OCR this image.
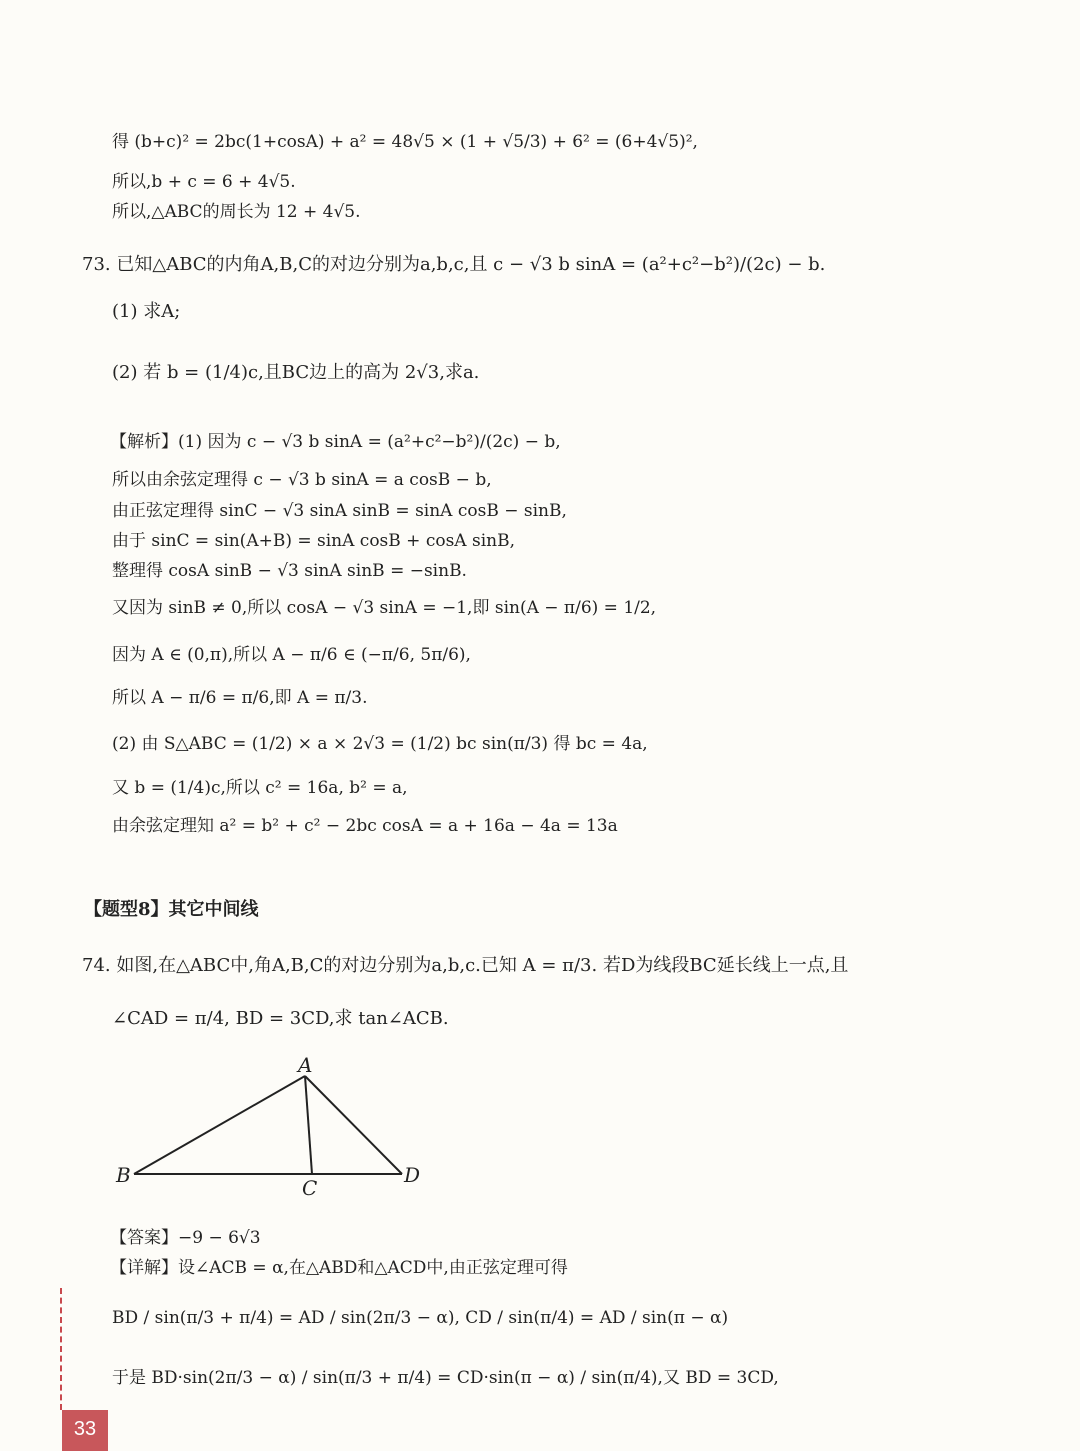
得 (b+c)² = 2bc(1+cosA) + a² = 48√5 × (1 + √5/3) + 6² = (6+4√5)²,
所以,b + c = 6 + 4√5.
所以,△ABC的周长为 12 + 4√5.
73. 已知△ABC的内角A,B,C的对边分别为a,b,c,且 c − √3 b sinA = (a²+c²−b²)/(2c) − b.
(1) 求A;
(2) 若 b = (1/4)c,且BC边上的高为 2√3,求a.
【解析】(1) 因为 c − √3 b sinA = (a²+c²−b²)/(2c) − b,
所以由余弦定理得 c − √3 b sinA = a cosB − b,
由正弦定理得 sinC − √3 sinA sinB = sinA cosB − sinB,
由于 sinC = sin(A+B) = sinA cosB + cosA sinB,
整理得 cosA sinB − √3 sinA sinB = −sinB.
又因为 sinB ≠ 0,所以 cosA − √3 sinA = −1,即 sin(A − π/6) = 1/2,
因为 A ∈ (0,π),所以 A − π/6 ∈ (−π/6, 5π/6),
所以 A − π/6 = π/6,即 A = π/3.
(2) 由 S△ABC = (1/2) × a × 2√3 = (1/2) bc sin(π/3) 得 bc = 4a,
又 b = (1/4)c,所以 c² = 16a, b² = a,
由余弦定理知 a² = b² + c² − 2bc cosA = a + 16a − 4a = 13a
【题型8】其它中间线
74. 如图,在△ABC中,角A,B,C的对边分别为a,b,c.已知 A = π/3. 若D为线段BC延长线上一点,且
∠CAD = π/4, BD = 3CD,求 tan∠ACB.
A
B
C
D
【答案】−9 − 6√3
【详解】设∠ACB = α,在△ABD和△ACD中,由正弦定理可得
BD / sin(π/3 + π/4) = AD / sin(2π/3 − α), CD / sin(π/4) = AD / sin(π − α)
于是 BD·sin(2π/3 − α) / sin(π/3 + π/4) = CD·sin(π − α) / sin(π/4),又 BD = 3CD,
33
